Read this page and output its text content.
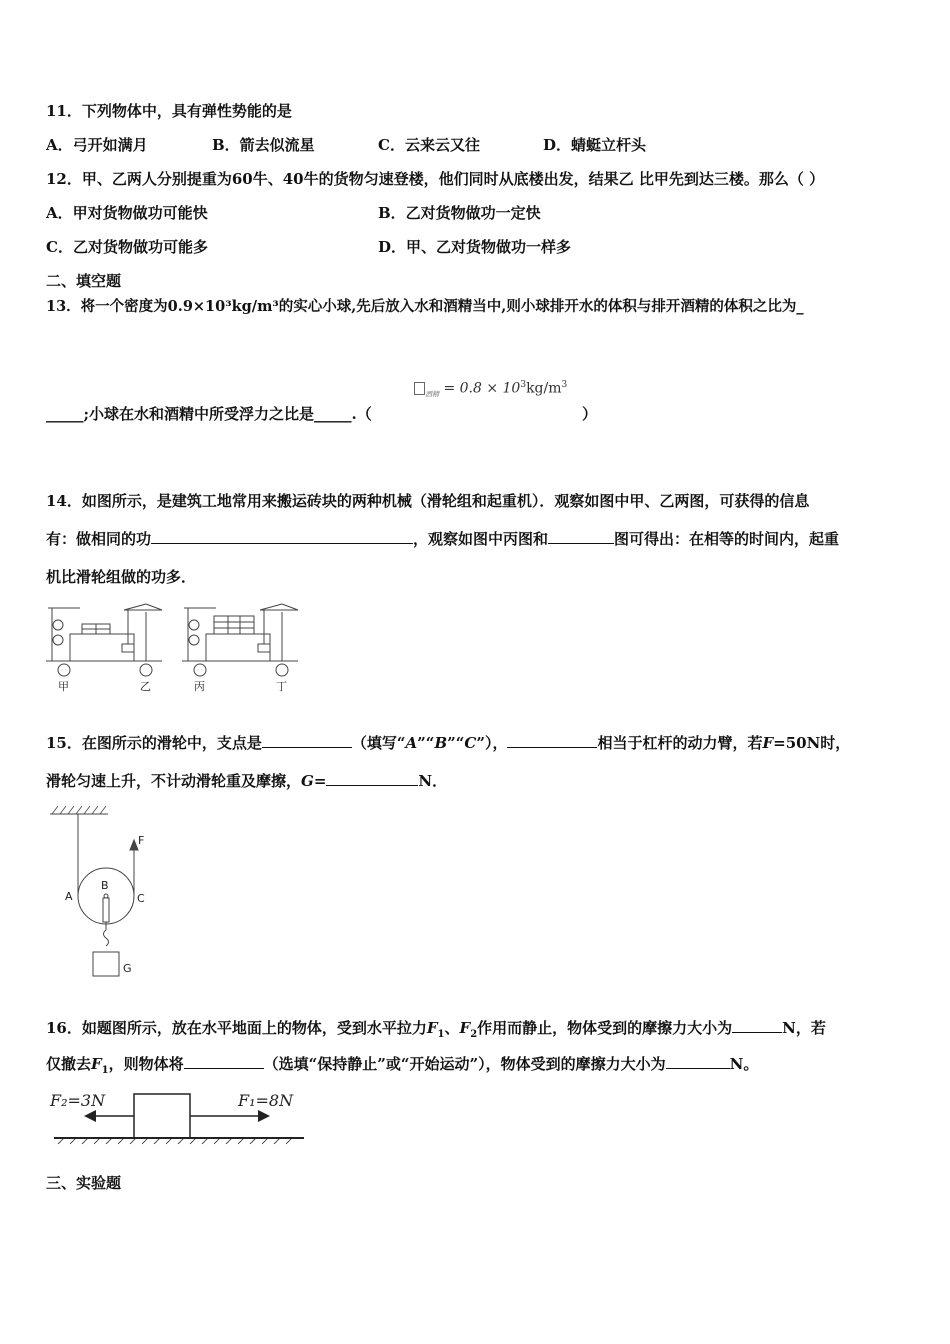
11．下列物体中，具有弹性势能的是
A．弓开如满月	B．箭去似流星	C．云来云又往	D．蜻蜓立杆头
12．甲、乙两人分别提重为60牛、40牛的货物匀速登楼，他们同时从底楼出发，结果乙 比甲先到达三楼。那么（ ）
A．甲对货物做功可能快	B．乙对货物做功一定快
C．乙对货物做功可能多	D．甲、乙对货物做功一样多
二、填空题
13．将一个密度为0.9×10³kg/m³的实心小球,先后放入水和酒精当中,则小球排开水的体积与排开酒精的体积之比为_
_____;小球在水和酒精中所受浮力之比是_____.（
$_{酒精} = 0.8 \times 10^3kg/m^3$
）
14．如图所示，是建筑工地常用来搬运砖块的两种机械（滑轮组和起重机）．观察如图中甲、乙两图，可获得的信息
有：做相同的功	，观察如图中丙图和	图可得出：在相等的时间内，起重
机比滑轮组做的功多．
甲	乙	丙	丁
15．在图所示的滑轮中，支点是	（填写“A”“B”“C”），	相当于杠杆的动力臂，若F=50N时，
滑轮匀速上升，不计动滑轮重及摩擦，G=	N．
F
A
B
C
G
16．如题图所示，放在水平地面上的物体，受到水平拉力$F_1$、$F_2$作用而静止，物体受到的摩擦力大小为	N，若
仅撤去$F_1$，则物体将	（选填“保持静止”或“开始运动”），物体受到的摩擦力大小为	N。
F₂=3N	F₁=8N
三、实验题
